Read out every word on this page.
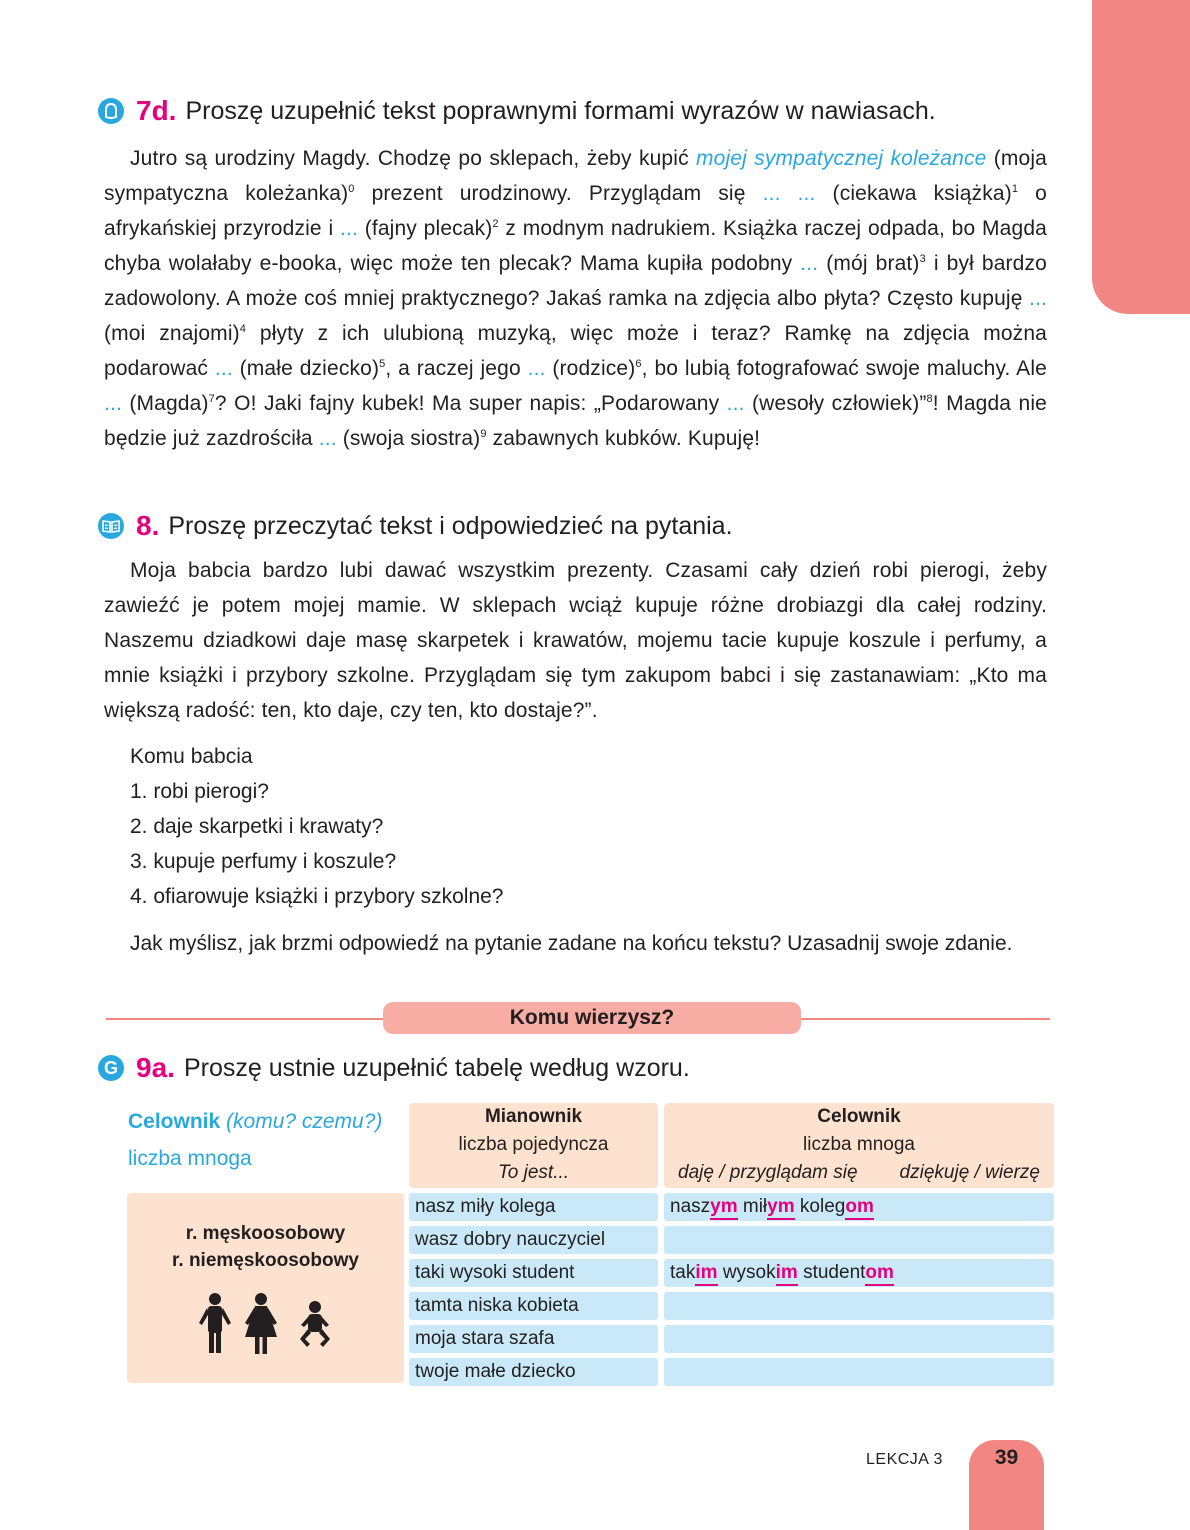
7d. Proszę uzupełnić tekst poprawnymi formami wyrazów w nawiasach.

Jutro są urodziny Magdy. Chodzę po sklepach, żeby kupić mojej sympatycznej koleżance (moja sympatyczna koleżanka)$^0$ prezent urodzinowy. Przyglądam się ... ... (ciekawa książka)$^1$ o afrykańskiej przyrodzie i ... (fajny plecak)$^2$ z modnym nadrukiem. Książka raczej odpada, bo Magda chyba wolałaby e-booka, więc może ten plecak? Mama kupiła podobny ... (mój brat)$^3$ i był bardzo zadowolony. A może coś mniej praktycznego? Jakaś ramka na zdjęcia albo płyta? Często kupuję ... (moi znajomi)$^4$ płyty z ich ulubioną muzyką, więc może i teraz? Ramkę na zdjęcia można podarować ... (małe dziecko)$^5$, a raczej jego ... (rodzice)$^6$, bo lubią fotografować swoje maluchy. Ale ... (Magda)$^7$? O! Jaki fajny kubek! Ma super napis: „Podarowany ... (wesoły człowiek)”$^8$! Magda nie będzie już zazdrościła ... (swoja siostra)$^9$ zabawnych kubków. Kupuję!

8. Proszę przeczytać tekst i odpowiedzieć na pytania.

Moja babcia bardzo lubi dawać wszystkim prezenty. Czasami cały dzień robi pierogi, żeby zawieźć je potem mojej mamie. W sklepach wciąż kupuje różne drobiazgi dla całej rodziny. Naszemu dziadkowi daje masę skarpetek i krawatów, mojemu tacie kupuje koszule i perfumy, a mnie książki i przybory szkolne. Przyglądam się tym zakupom babci i się zastanawiam: „Kto ma większą radość: ten, kto daje, czy ten, kto dostaje?”.

Komu babcia
1. robi pierogi?
2. daje skarpetki i krawaty?
3. kupuje perfumy i koszule?
4. ofiarowuje książki i przybory szkolne?
Jak myślisz, jak brzmi odpowiedź na pytanie zadane na końcu tekstu? Uzasadnij swoje zdanie.
Komu wierzysz?
G 9a. Proszę ustnie uzupełnić tabelę według wzoru.
Celownik (komu? czemu?)
liczba mnoga
r. męskoosobowy
r. niemęskoosobowy
Mianownik
liczba pojedyncza
To jest...
Celownik
liczba mnoga
daję / przyglądam się dziękuję / wierzę
nasz miły kolega	naszym miłym kolegom
wasz dobry nauczyciel
taki wysoki student	takim wysokim studentom
tamta niska kobieta
moja stara szafa
twoje małe dziecko
LEKCJA 3	39
